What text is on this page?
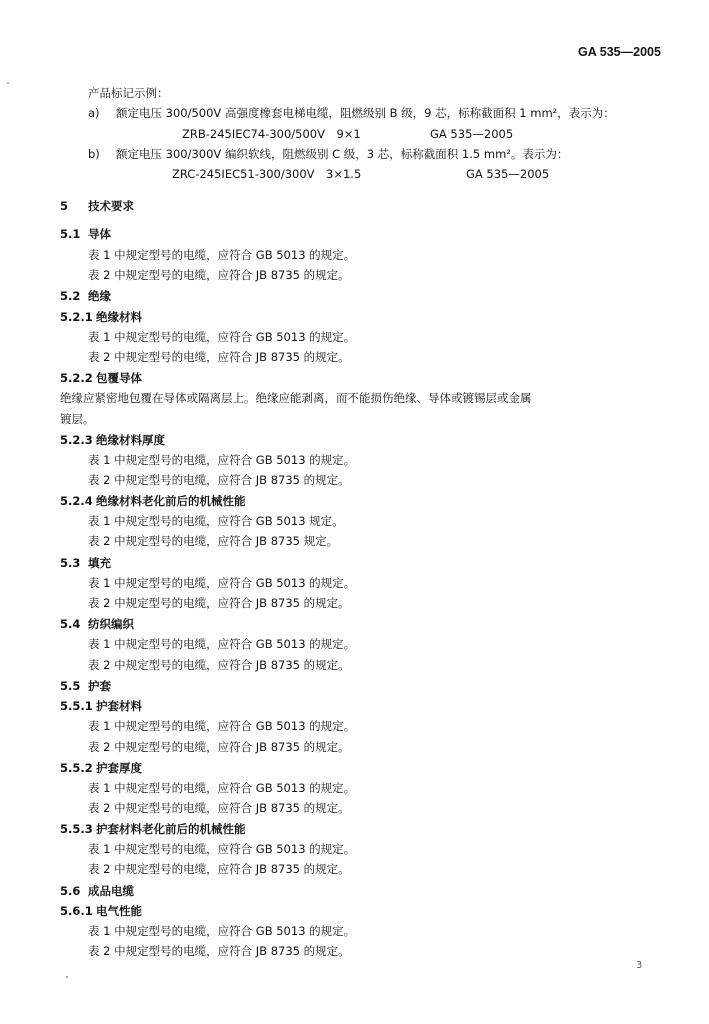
GA 535—2005
产品标记示例：
a) 额定电压 300/500V 高强度橡套电梯电缆，阻燃级别 B 级，9 芯，标称截面积 1 mm²，表示为：
ZRB-245IEC74-300/500V　9×1	GA 535—2005
b) 额定电压 300/300V 编织软线，阻燃级别 C 级，3 芯，标称截面积 1.5 mm²。表示为：
ZRC-245IEC51-300/300V　3×1.5	GA 535—2005
5 技术要求
5.1 导体
表 1 中规定型号的电缆，应符合 GB 5013 的规定。
表 2 中规定型号的电缆，应符合 JB 8735 的规定。
5.2 绝缘
5.2.1 绝缘材料
表 1 中规定型号的电缆，应符合 GB 5013 的规定。
表 2 中规定型号的电缆，应符合 JB 8735 的规定。
5.2.2 包覆导体
绝缘应紧密地包覆在导体或隔离层上。绝缘应能剥离，而不能损伤绝缘、导体或镀锡层或金属
镀层。
5.2.3 绝缘材料厚度
表 1 中规定型号的电缆，应符合 GB 5013 的规定。
表 2 中规定型号的电缆，应符合 JB 8735 的规定。
5.2.4 绝缘材料老化前后的机械性能
表 1 中规定型号的电缆，应符合 GB 5013 规定。
表 2 中规定型号的电缆，应符合 JB 8735 规定。
5.3 填充
表 1 中规定型号的电缆，应符合 GB 5013 的规定。
表 2 中规定型号的电缆，应符合 JB 8735 的规定。
5.4 纺织编织
表 1 中规定型号的电缆，应符合 GB 5013 的规定。
表 2 中规定型号的电缆，应符合 JB 8735 的规定。
5.5 护套
5.5.1 护套材料
表 1 中规定型号的电缆，应符合 GB 5013 的规定。
表 2 中规定型号的电缆，应符合 JB 8735 的规定。
5.5.2 护套厚度
表 1 中规定型号的电缆，应符合 GB 5013 的规定。
表 2 中规定型号的电缆，应符合 JB 8735 的规定。
5.5.3 护套材料老化前后的机械性能
表 1 中规定型号的电缆，应符合 GB 5013 的规定。
表 2 中规定型号的电缆，应符合 JB 8735 的规定。
5.6 成品电缆
5.6.1 电气性能
表 1 中规定型号的电缆，应符合 GB 5013 的规定。
表 2 中规定型号的电缆，应符合 JB 8735 的规定。
3
